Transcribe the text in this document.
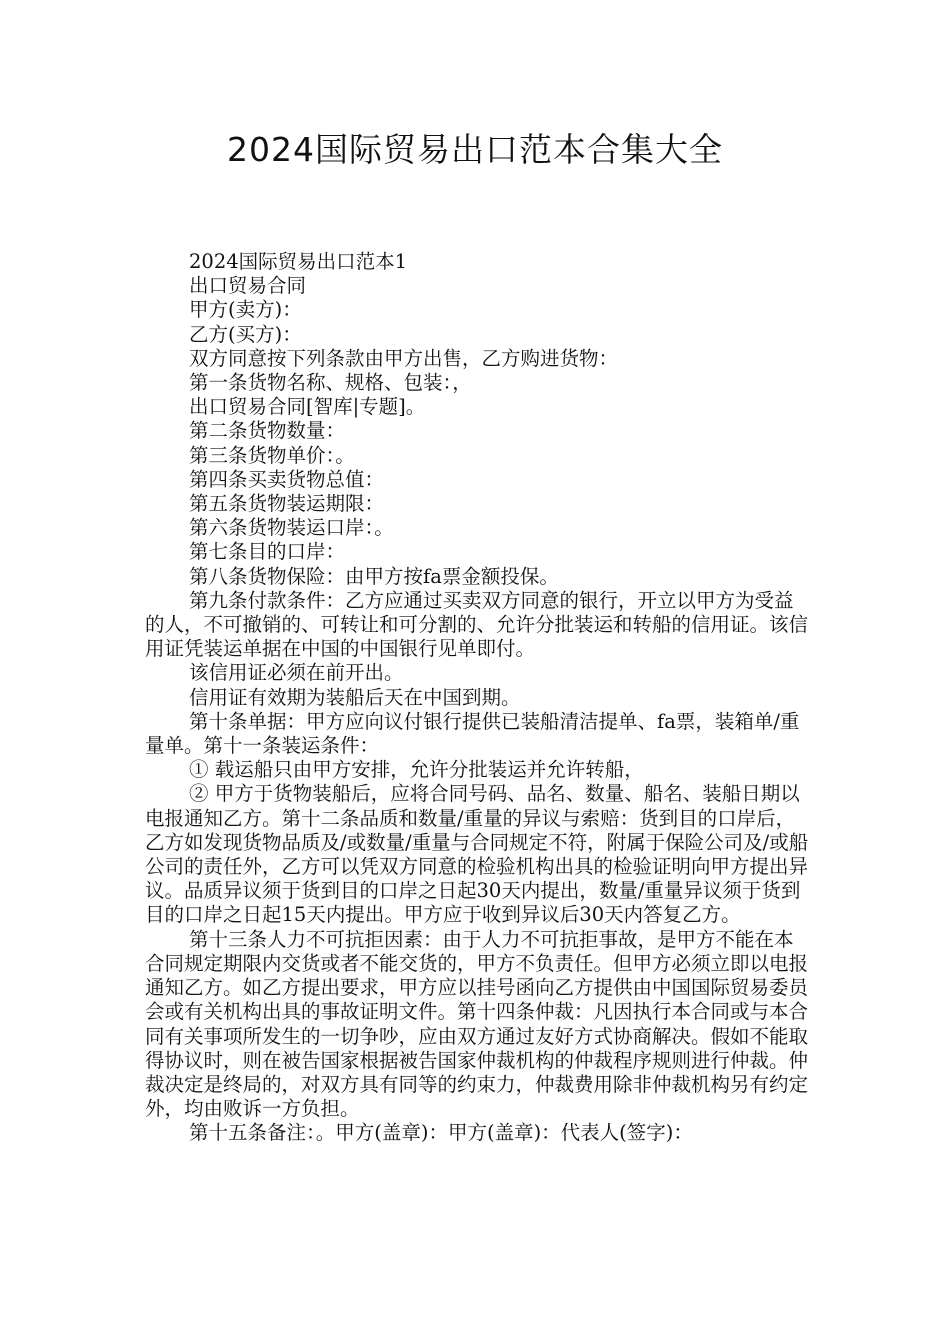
2024国际贸易出口范本合集大全

2024国际贸易出口范本1

出口贸易合同

甲方(卖方)：

乙方(买方)：

双方同意按下列条款由甲方出售，乙方购进货物：

第一条货物名称、规格、包装：，

出口贸易合同[智库|专题]。

第二条货物数量：

第三条货物单价：。

第四条买卖货物总值：

第五条货物装运期限：

第六条货物装运口岸：。

第七条目的口岸：

第八条货物保险：由甲方按fa票金额投保。

第九条付款条件：乙方应通过买卖双方同意的银行，开立以甲方为受益的人，不可撤销的、可转让和可分割的、允许分批装运和转船的信用证。该信用证凭装运单据在中国的中国银行见单即付。

该信用证必须在前开出。

信用证有效期为装船后天在中国到期。

第十条单据：甲方应向议付银行提供已装船清洁提单、fa票，装箱单/重量单。第十一条装运条件：

① 载运船只由甲方安排，允许分批装运并允许转船，

② 甲方于货物装船后，应将合同号码、品名、数量、船名、装船日期以电报通知乙方。第十二条品质和数量/重量的异议与索赔：货到目的口岸后，乙方如发现货物品质及/或数量/重量与合同规定不符，附属于保险公司及/或船公司的责任外，乙方可以凭双方同意的检验机构出具的检验证明向甲方提出异议。品质异议须于货到目的口岸之日起30天内提出，数量/重量异议须于货到目的口岸之日起15天内提出。甲方应于收到异议后30天内答复乙方。

第十三条人力不可抗拒因素：由于人力不可抗拒事故，是甲方不能在本合同规定期限内交货或者不能交货的，甲方不负责任。但甲方必须立即以电报通知乙方。如乙方提出要求，甲方应以挂号函向乙方提供由中国国际贸易委员会或有关机构出具的事故证明文件。第十四条仲裁：凡因执行本合同或与本合同有关事项所发生的一切争吵，应由双方通过友好方式协商解决。假如不能取得协议时，则在被告国家根据被告国家仲裁机构的仲裁程序规则进行仲裁。仲裁决定是终局的，对双方具有同等的约束力，仲裁费用除非仲裁机构另有约定外，均由败诉一方负担。

第十五条备注：。甲方(盖章)：甲方(盖章)：代表人(签字)：
